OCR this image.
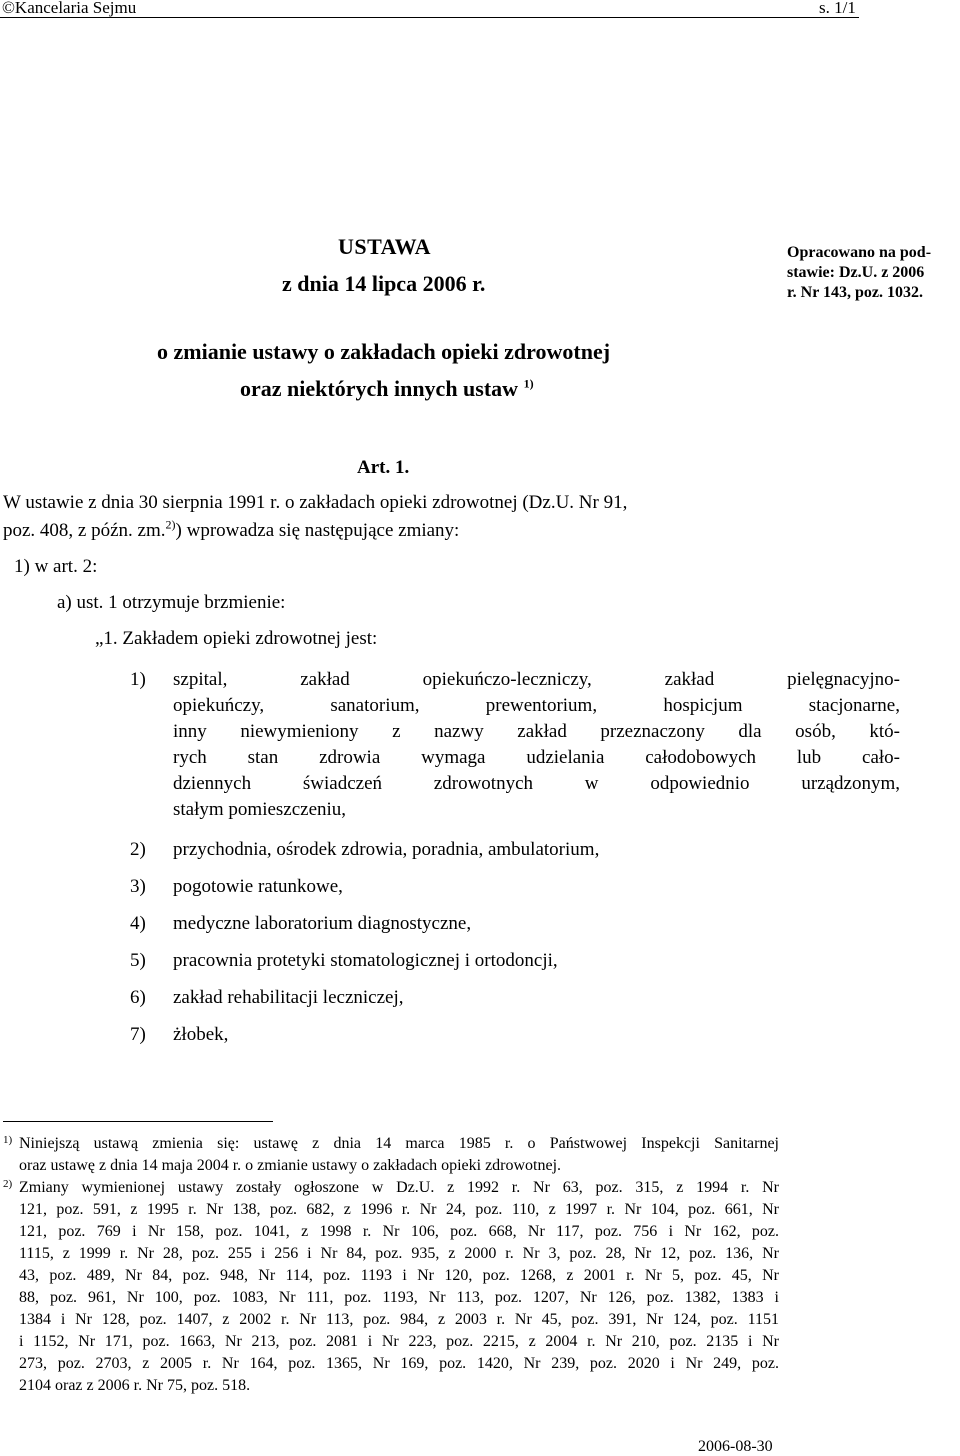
©Kancelaria Sejmu	s. 1/1
USTAWA
z dnia 14 lipca 2006 r.
o zmianie ustawy o zakładach opieki zdrowotnej
oraz niektórych innych ustaw $^{1)}$
Opracowano na pod-
stawie: Dz.U. z 2006
r. Nr 143, poz. 1032.
Art. 1.
W ustawie z dnia 30 sierpnia 1991 r. o zakładach opieki zdrowotnej (Dz.U. Nr 91,
poz. 408, z późn. zm.$^{2)}$) wprowadza się następujące zmiany:
1) w art. 2:
a) ust. 1 otrzymuje brzmienie:
„1. Zakładem opieki zdrowotnej jest:
1) szpital, zakład opiekuńczo-leczniczy, zakład pielęgnacyjno-
opiekuńczy, sanatorium, prewentorium, hospicjum stacjonarne,
inny niewymieniony z nazwy zakład przeznaczony dla osób, któ-
rych stan zdrowia wymaga udzielania całodobowych lub cało-
dziennych świadczeń zdrowotnych w odpowiednio urządzonym,
stałym pomieszczeniu,
2) przychodnia, ośrodek zdrowia, poradnia, ambulatorium,
3) pogotowie ratunkowe,
4) medyczne laboratorium diagnostyczne,
5) pracownia protetyki stomatologicznej i ortodoncji,
6) zakład rehabilitacji leczniczej,
7) żłobek,
1) Niniejszą ustawą zmienia się: ustawę z dnia 14 marca 1985 r. o Państwowej Inspekcji Sanitarnej
oraz ustawę z dnia 14 maja 2004 r. o zmianie ustawy o zakładach opieki zdrowotnej.
2) Zmiany wymienionej ustawy zostały ogłoszone w Dz.U. z 1992 r. Nr 63, poz. 315, z 1994 r. Nr
121, poz. 591, z 1995 r. Nr 138, poz. 682, z 1996 r. Nr 24, poz. 110, z 1997 r. Nr 104, poz. 661, Nr
121, poz. 769 i Nr 158, poz. 1041, z 1998 r. Nr 106, poz. 668, Nr 117, poz. 756 i Nr 162, poz.
1115, z 1999 r. Nr 28, poz. 255 i 256 i Nr 84, poz. 935, z 2000 r. Nr 3, poz. 28, Nr 12, poz. 136, Nr
43, poz. 489, Nr 84, poz. 948, Nr 114, poz. 1193 i Nr 120, poz. 1268, z 2001 r. Nr 5, poz. 45, Nr
88, poz. 961, Nr 100, poz. 1083, Nr 111, poz. 1193, Nr 113, poz. 1207, Nr 126, poz. 1382, 1383 i
1384 i Nr 128, poz. 1407, z 2002 r. Nr 113, poz. 984, z 2003 r. Nr 45, poz. 391, Nr 124, poz. 1151
i 1152, Nr 171, poz. 1663, Nr 213, poz. 2081 i Nr 223, poz. 2215, z 2004 r. Nr 210, poz. 2135 i Nr
273, poz. 2703, z 2005 r. Nr 164, poz. 1365, Nr 169, poz. 1420, Nr 239, poz. 2020 i Nr 249, poz.
2104 oraz z 2006 r. Nr 75, poz. 518.
2006-08-30
